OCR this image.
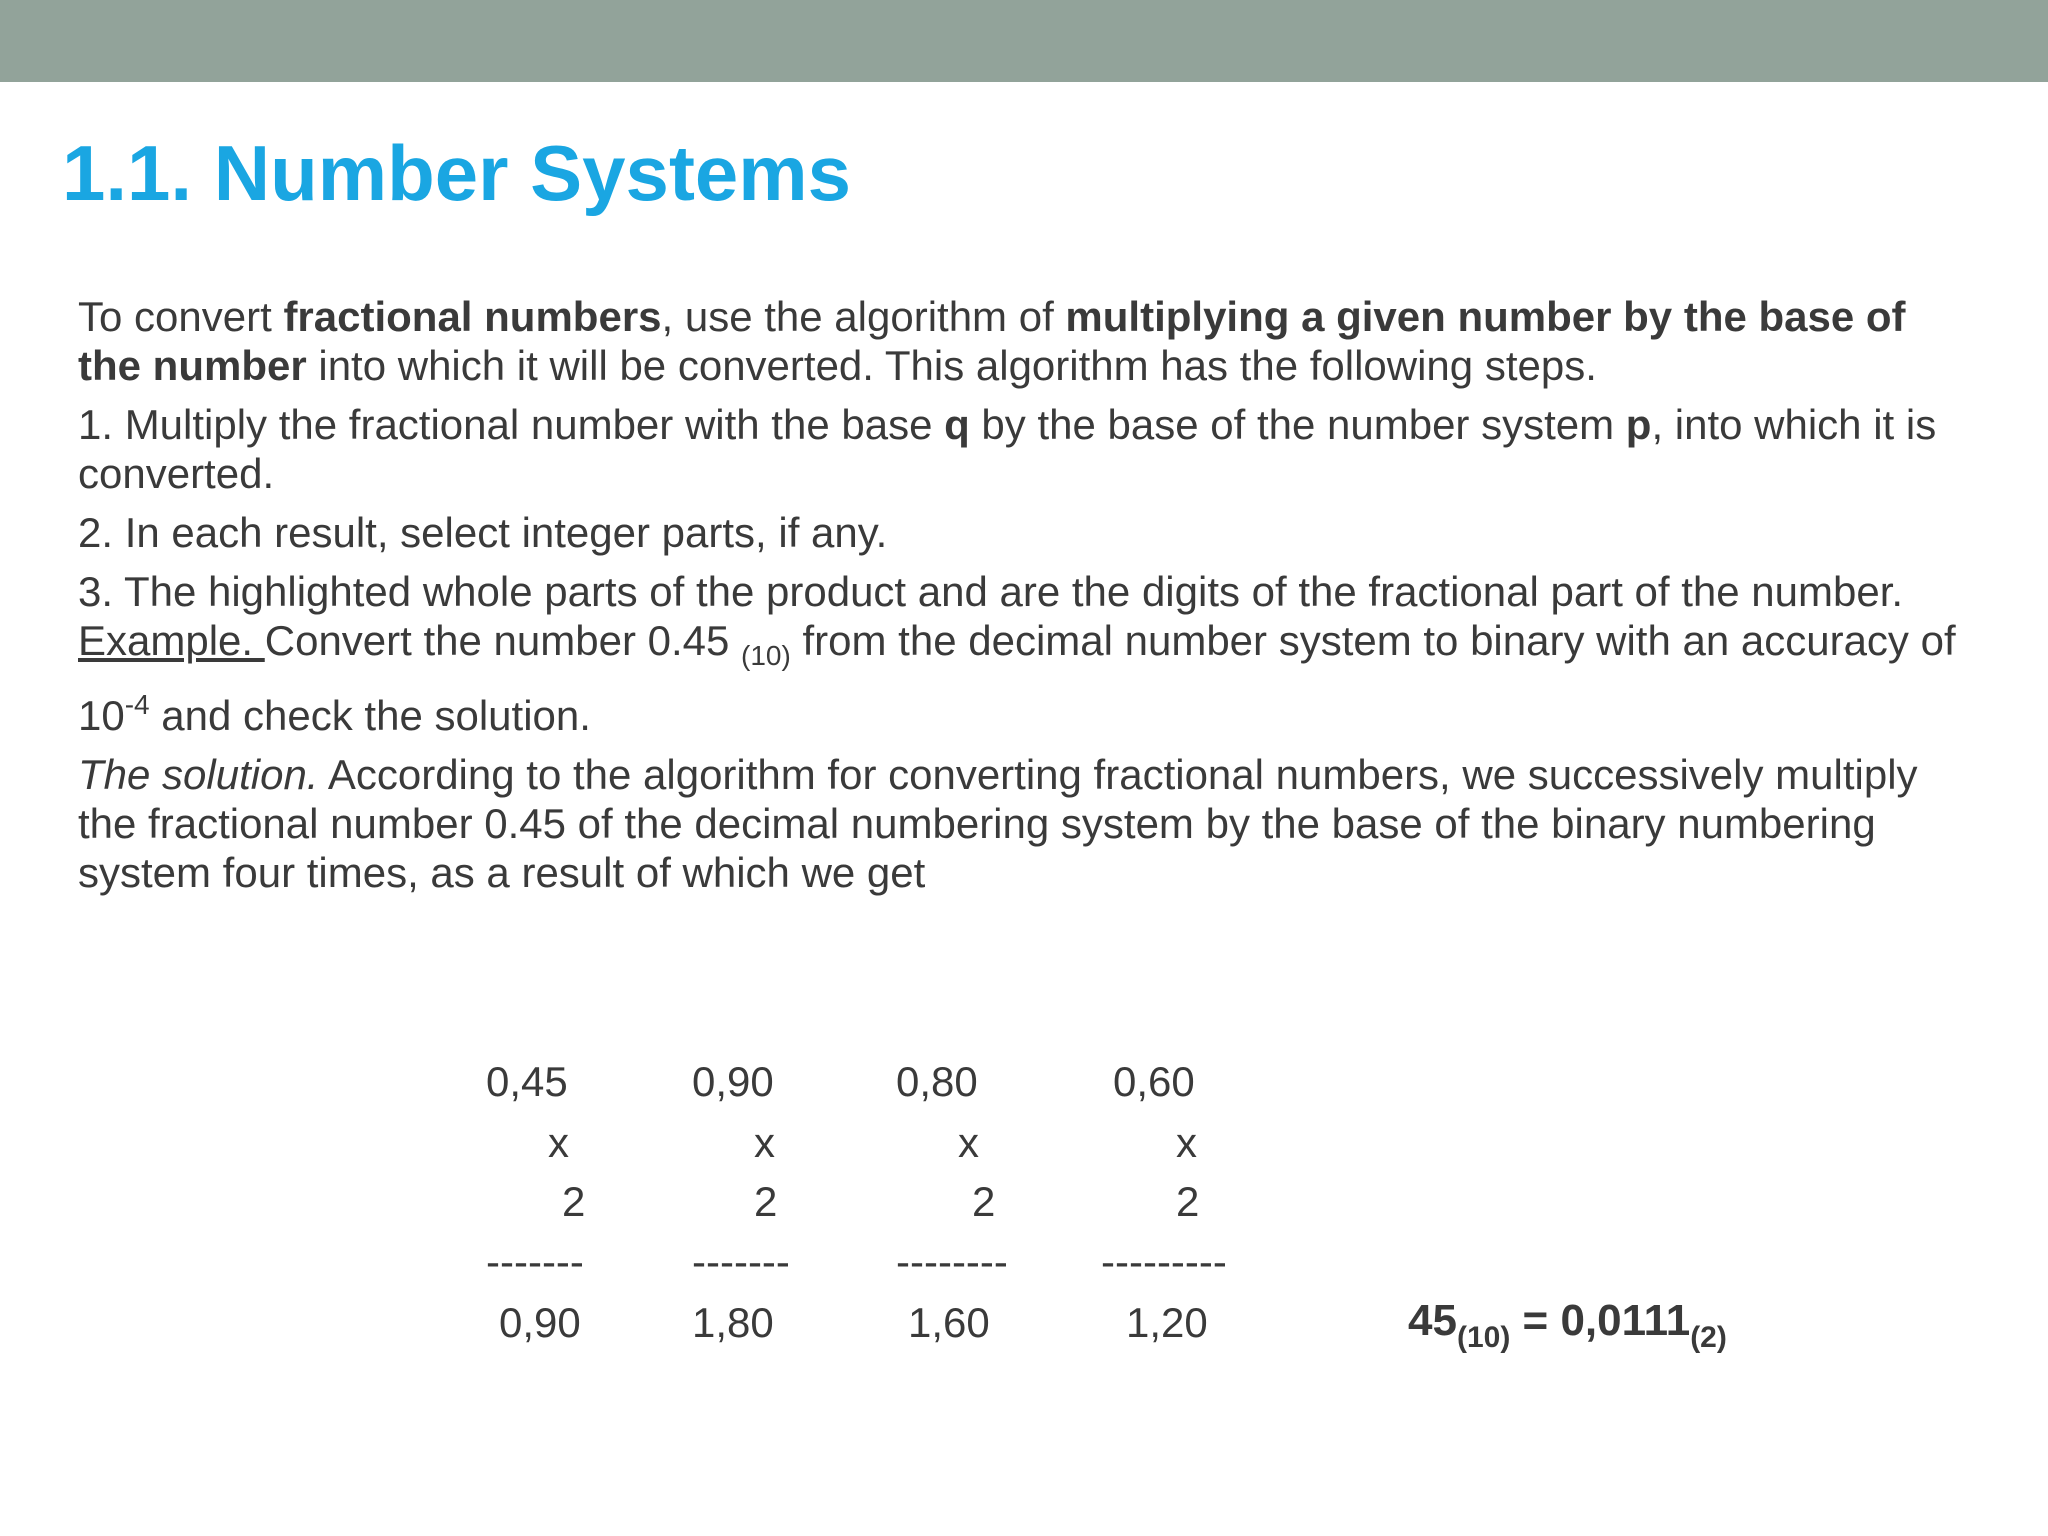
1.1. Number Systems

To convert fractional numbers, use the algorithm of multiplying a given number by the base of the number into which it will be converted. This algorithm has the following steps.

1. Multiply the fractional number with the base q by the base of the number system p, into which it is converted.

2. In each result, select integer parts, if any.

3. The highlighted whole parts of the product and are the digits of the fractional part of the number.

Example. Convert the number 0.45 $_{(10)}$ from the decimal number system to binary with an accuracy of $10^{-4}$ and check the solution.

The solution. According to the algorithm for converting fractional numbers, we successively multiply the fractional number 0.45 of the decimal numbering system by the base of the binary numbering system four times, as a result of which we get

0,45
x
2
-------
0,90
0,90
x
2
-------
1,80
0,80
x
2
--------
1,60
0,60
x
2
---------
1,20	$45_{(10)} = 0,0111_{(2)}$
